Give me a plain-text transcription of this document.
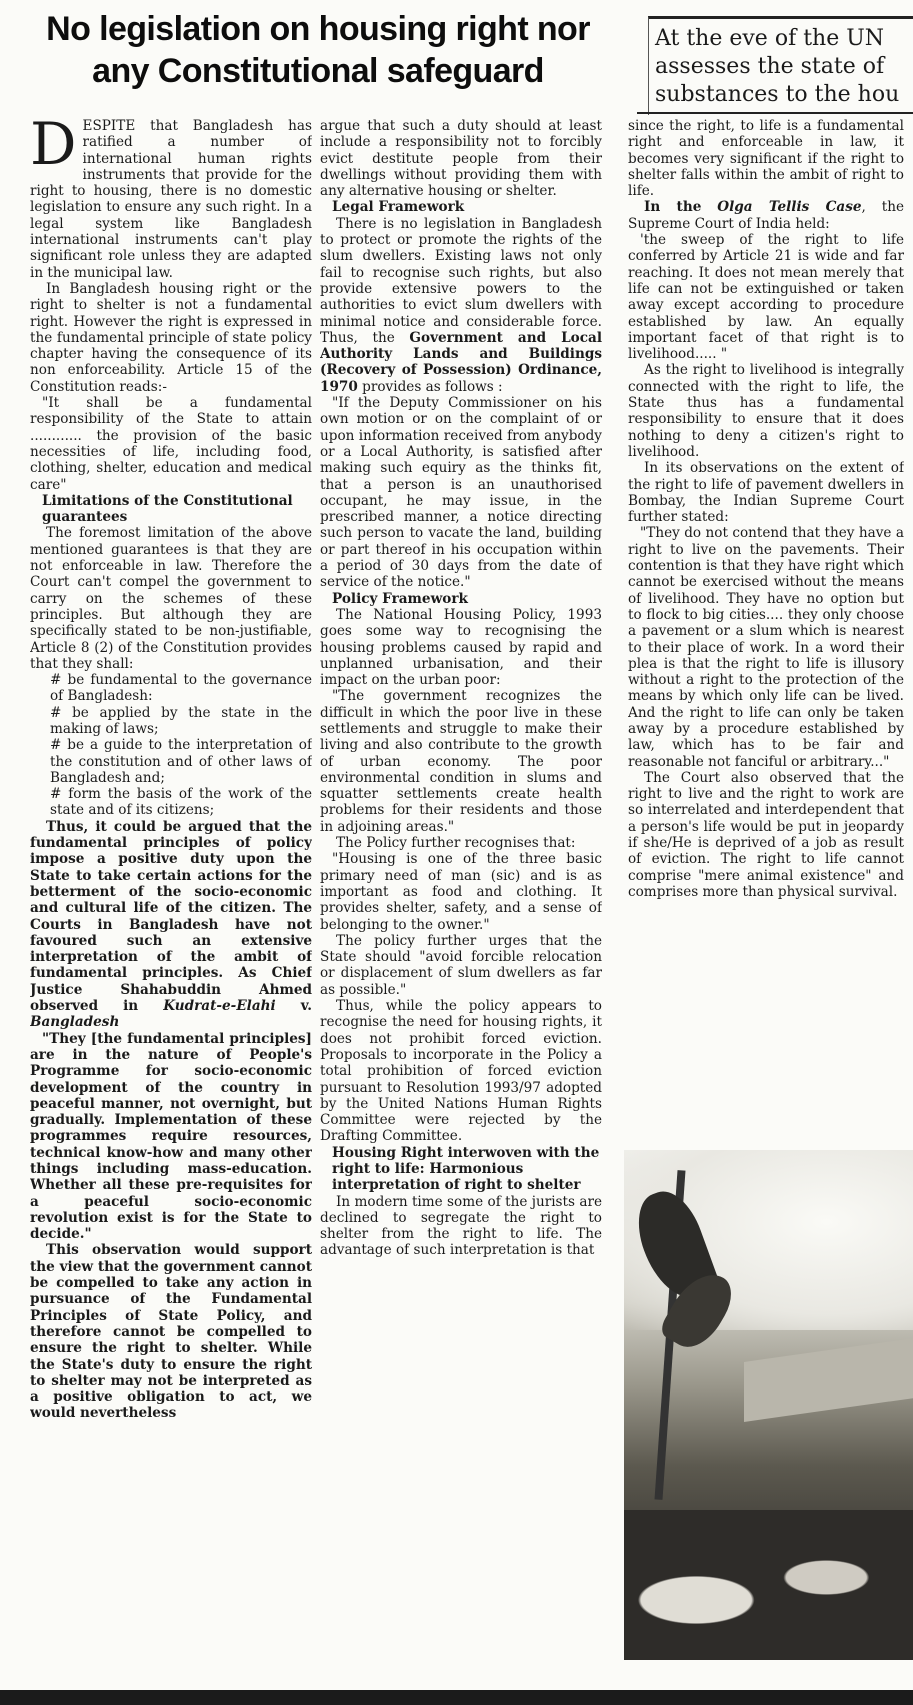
No legislation on housing right nor
any Constitutional safeguard
At the eve of the UN
assesses the state of
substances to the hou

DESPITE that Bangladesh has ratified a number of international human rights instruments that provide for the right to housing, there is no domestic legislation to ensure any such right. In a legal system like Bangladesh international instruments can't play significant role unless they are adapted in the municipal law.

In Bangladesh housing right or the right to shelter is not a fundamental right. However the right is expressed in the fundamental principle of state policy chapter having the consequence of its non enforceability. Article 15 of the Constitution reads:-

"It shall be a fundamental responsibility of the State to attain ............ the provision of the basic necessities of life, including food, clothing, shelter, education and medical care"

Limitations of the Constitutional guarantees

The foremost limitation of the above mentioned guarantees is that they are not enforceable in law. Therefore the Court can't compel the government to carry on the schemes of these principles. But although they are specifically stated to be non-justifiable, Article 8 (2) of the Constitution provides that they shall:

# be fundamental to the governance of Bangladesh:

# be applied by the state in the making of laws;

# be a guide to the interpretation of the constitution and of other laws of Bangladesh and;

# form the basis of the work of the state and of its citizens;

Thus, it could be argued that the fundamental principles of policy impose a positive duty upon the State to take certain actions for the betterment of the socio-economic and cultural life of the citizen. The Courts in Bangladesh have not favoured such an extensive interpretation of the ambit of fundamental principles. As Chief Justice Shahabuddin Ahmed observed in Kudrat-e-Elahi v. Bangladesh

"They [the fundamental principles] are in the nature of People's Programme for socio-economic development of the country in peaceful manner, not overnight, but gradually. Implementation of these programmes require resources, technical know-how and many other things including mass-education. Whether all these pre-requisites for a peaceful socio-economic revolution exist is for the State to decide."

This observation would support the view that the government cannot be compelled to take any action in pursuance of the Fundamental Principles of State Policy, and therefore cannot be compelled to ensure the right to shelter. While the State's duty to ensure the right to shelter may not be interpreted as a positive obligation to act, we would nevertheless

argue that such a duty should at least include a responsibility not to forcibly evict destitute people from their dwellings without providing them with any alternative housing or shelter.

Legal Framework

There is no legislation in Bangladesh to protect or promote the rights of the slum dwellers. Existing laws not only fail to recognise such rights, but also provide extensive powers to the authorities to evict slum dwellers with minimal notice and considerable force. Thus, the Government and Local Authority Lands and Buildings (Recovery of Possession) Ordinance, 1970 provides as follows :

"If the Deputy Commissioner on his own motion or on the complaint of or upon information received from anybody or a Local Authority, is satisfied after making such equiry as the thinks fit, that a person is an unauthorised occupant, he may issue, in the prescribed manner, a notice directing such person to vacate the land, building or part thereof in his occupation within a period of 30 days from the date of service of the notice."

Policy Framework

The National Housing Policy, 1993 goes some way to recognising the housing problems caused by rapid and unplanned urbanisation, and their impact on the urban poor:

"The government recognizes the difficult in which the poor live in these settlements and struggle to make their living and also contribute to the growth of urban economy. The poor environmental condition in slums and squatter settlements create health problems for their residents and those in adjoining areas."

The Policy further recognises that:

"Housing is one of the three basic primary need of man (sic) and is as important as food and clothing. It provides shelter, safety, and a sense of belonging to the owner."

The policy further urges that the State should "avoid forcible relocation or displacement of slum dwellers as far as possible."

Thus, while the policy appears to recognise the need for housing rights, it does not prohibit forced eviction. Proposals to incorporate in the Policy a total prohibition of forced eviction pursuant to Resolution 1993/97 adopted by the United Nations Human Rights Committee were rejected by the Drafting Committee.

Housing Right interwoven with the right to life: Harmonious interpretation of right to shelter

In modern time some of the jurists are declined to segregate the right to shelter from the right to life. The advantage of such interpretation is that

since the right, to life is a fundamental right and enforceable in law, it becomes very significant if the right to shelter falls within the ambit of right to life.

In the Olga Tellis Case, the Supreme Court of India held:

'the sweep of the right to life conferred by Article 21 is wide and far reaching. It does not mean merely that life can not be extinguished or taken away except according to procedure established by law. An equally important facet of that right is to livelihood..... "

As the right to livelihood is integrally connected with the right to life, the State thus has a fundamental responsibility to ensure that it does nothing to deny a citizen's right to livelihood.

In its observations on the extent of the right to life of pavement dwellers in Bombay, the Indian Supreme Court further stated:

"They do not contend that they have a right to live on the pavements. Their contention is that they have right which cannot be exercised without the means of livelihood. They have no option but to flock to big cities.... they only choose a pavement or a slum which is nearest to their place of work. In a word their plea is that the right to life is illusory without a right to the protection of the means by which only life can be lived. And the right to life can only be taken away by a procedure established by law, which has to be fair and reasonable not fanciful or arbitrary..."

The Court also observed that the right to live and the right to work are so interrelated and interdependent that a person's life would be put in jeopardy if she/He is deprived of a job as result of eviction. The right to life cannot comprise "mere animal existence" and comprises more than physical survival.
